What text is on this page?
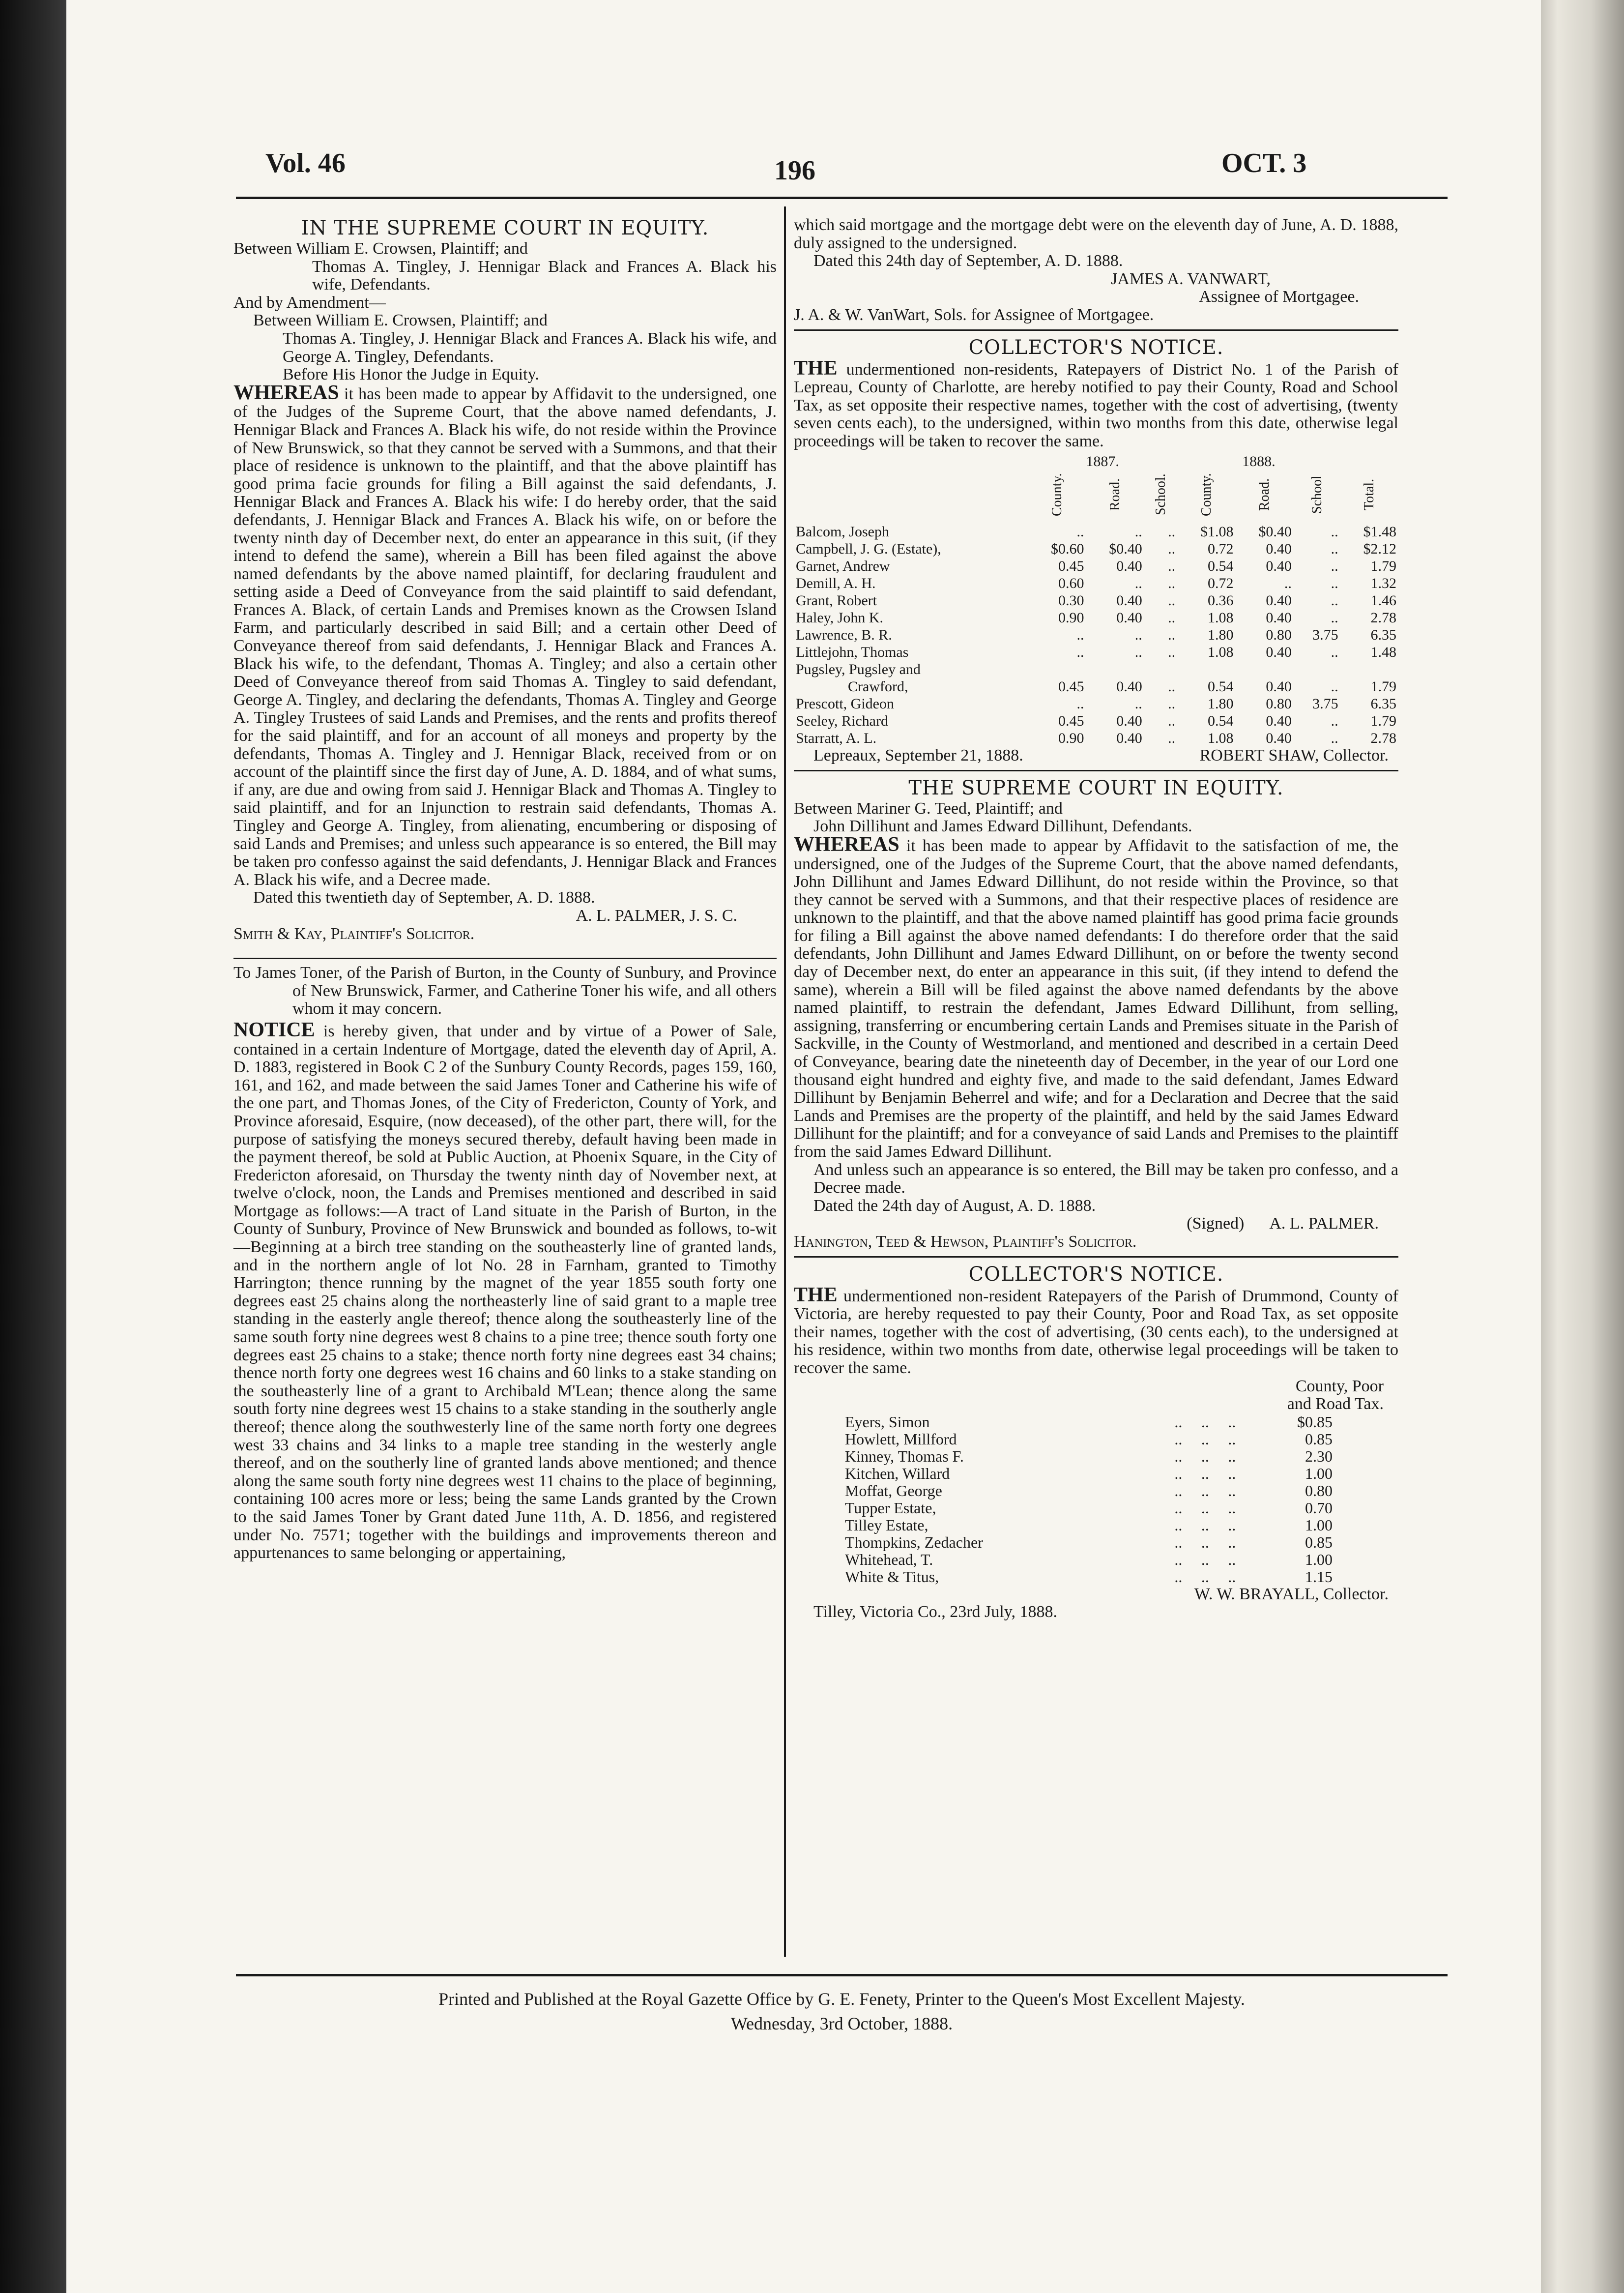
Vol. 46	196	OCT. 3
IN THE SUPREME COURT IN EQUITY.

Between William E. Crowsen, Plaintiff; and

Thomas A. Tingley, J. Hennigar Black and Frances A. Black his wife, Defendants.

And by Amendment—

Between William E. Crowsen, Plaintiff; and

Thomas A. Tingley, J. Hennigar Black and Frances A. Black his wife, and George A. Tingley, Defendants.

Before His Honor the Judge in Equity.

WHEREAS it has been made to appear by Affidavit to the undersigned, one of the Judges of the Supreme Court, that the above named defendants, J. Hennigar Black and Frances A. Black his wife, do not reside within the Province of New Brunswick, so that they cannot be served with a Summons, and that their place of residence is unknown to the plaintiff, and that the above plaintiff has good prima facie grounds for filing a Bill against the said defendants, J. Hennigar Black and Frances A. Black his wife: I do hereby order, that the said defendants, J. Hennigar Black and Frances A. Black his wife, on or before the twenty ninth day of December next, do enter an appearance in this suit, (if they intend to defend the same), wherein a Bill has been filed against the above named defendants by the above named plaintiff, for declaring fraudulent and setting aside a Deed of Conveyance from the said plaintiff to said defendant, Frances A. Black, of certain Lands and Premises known as the Crowsen Island Farm, and particularly described in said Bill; and a certain other Deed of Conveyance thereof from said defendants, J. Hennigar Black and Frances A. Black his wife, to the defendant, Thomas A. Tingley; and also a certain other Deed of Conveyance thereof from said Thomas A. Tingley to said defendant, George A. Tingley, and declaring the defendants, Thomas A. Tingley and George A. Tingley Trustees of said Lands and Premises, and the rents and profits thereof for the said plaintiff, and for an account of all moneys and property by the defendants, Thomas A. Tingley and J. Hennigar Black, received from or on account of the plaintiff since the first day of June, A. D. 1884, and of what sums, if any, are due and owing from said J. Hennigar Black and Thomas A. Tingley to said plaintiff, and for an Injunction to restrain said defendants, Thomas A. Tingley and George A. Tingley, from alienating, encumbering or disposing of said Lands and Premises; and unless such appearance is so entered, the Bill may be taken pro confesso against the said defendants, J. Hennigar Black and Frances A. Black his wife, and a Decree made.

Dated this twentieth day of September, A. D. 1888.

A. L. PALMER, J. S. C.

Smith & Kay, Plaintiff's Solicitor.

To James Toner, of the Parish of Burton, in the County of Sunbury, and Province of New Brunswick, Farmer, and Catherine Toner his wife, and all others whom it may concern.

NOTICE is hereby given, that under and by virtue of a Power of Sale, contained in a certain Indenture of Mortgage, dated the eleventh day of April, A. D. 1883, registered in Book C 2 of the Sunbury County Records, pages 159, 160, 161, and 162, and made between the said James Toner and Catherine his wife of the one part, and Thomas Jones, of the City of Fredericton, County of York, and Province aforesaid, Esquire, (now deceased), of the other part, there will, for the purpose of satisfying the moneys secured thereby, default having been made in the payment thereof, be sold at Public Auction, at Phoenix Square, in the City of Fredericton aforesaid, on Thursday the twenty ninth day of November next, at twelve o'clock, noon, the Lands and Premises mentioned and described in said Mortgage as follows:—A tract of Land situate in the Parish of Burton, in the County of Sunbury, Province of New Brunswick and bounded as follows, to-wit—Beginning at a birch tree standing on the southeasterly line of granted lands, and in the northern angle of lot No. 28 in Farnham, granted to Timothy Harrington; thence running by the magnet of the year 1855 south forty one degrees east 25 chains along the northeasterly line of said grant to a maple tree standing in the easterly angle thereof; thence along the southeasterly line of the same south forty nine degrees west 8 chains to a pine tree; thence south forty one degrees east 25 chains to a stake; thence north forty nine degrees east 34 chains; thence north forty one degrees west 16 chains and 60 links to a stake standing on the southeasterly line of a grant to Archibald M'Lean; thence along the same south forty nine degrees west 15 chains to a stake standing in the southerly angle thereof; thence along the southwesterly line of the same north forty one degrees west 33 chains and 34 links to a maple tree standing in the westerly angle thereof, and on the southerly line of granted lands above mentioned; and thence along the same south forty nine degrees west 11 chains to the place of beginning, containing 100 acres more or less; being the same Lands granted by the Crown to the said James Toner by Grant dated June 11th, A. D. 1856, and registered under No. 7571; together with the buildings and improvements thereon and appurtenances to same belonging or appertaining,

which said mortgage and the mortgage debt were on the eleventh day of June, A. D. 1888, duly assigned to the undersigned.

Dated this 24th day of September, A. D. 1888.

JAMES A. VANWART,

Assignee of Mortgagee.

J. A. & W. VanWart, Sols. for Assignee of Mortgagee.

COLLECTOR'S NOTICE.

THE undermentioned non-residents, Ratepayers of District No. 1 of the Parish of Lepreau, County of Charlotte, are hereby notified to pay their County, Road and School Tax, as set opposite their respective names, together with the cost of advertising, (twenty seven cents each), to the undersigned, within two months from this date, otherwise legal proceedings will be taken to recover the same.

	1887.			1888.			
	County.	Road.	School.	County.	Road.	School	Total.
Balcom, Joseph	..	..	..	$1.08	$0.40	..	$1.48
Campbell, J. G. (Estate),	$0.60	$0.40	..	0.72	0.40	..	$2.12
Garnet, Andrew	0.45	0.40	..	0.54	0.40	..	1.79
Demill, A. H.	0.60	..	..	0.72	..	..	1.32
Grant, Robert	0.30	0.40	..	0.36	0.40	..	1.46
Haley, John K.	0.90	0.40	..	1.08	0.40	..	2.78
Lawrence, B. R.	..	..	..	1.80	0.80	3.75	6.35
Littlejohn, Thomas	..	..	..	1.08	0.40	..	1.48
Pugsley, Pugsley and							
Crawford,	0.45	0.40	..	0.54	0.40	..	1.79
Prescott, Gideon	..	..	..	1.80	0.80	3.75	6.35
Seeley, Richard	0.45	0.40	..	0.54	0.40	..	1.79
Starratt, A. L.	0.90	0.40	..	1.08	0.40	..	2.78

ROBERT SHAW, Collector.

Lepreaux, September 21, 1888.

THE SUPREME COURT IN EQUITY.

Between Mariner G. Teed, Plaintiff; and

John Dillihunt and James Edward Dillihunt, Defendants.

WHEREAS it has been made to appear by Affidavit to the satisfaction of me, the undersigned, one of the Judges of the Supreme Court, that the above named defendants, John Dillihunt and James Edward Dillihunt, do not reside within the Province, so that they cannot be served with a Summons, and that their respective places of residence are unknown to the plaintiff, and that the above named plaintiff has good prima facie grounds for filing a Bill against the above named defendants: I do therefore order that the said defendants, John Dillihunt and James Edward Dillihunt, on or before the twenty second day of December next, do enter an appearance in this suit, (if they intend to defend the same), wherein a Bill will be filed against the above named defendants by the above named plaintiff, to restrain the defendant, James Edward Dillihunt, from selling, assigning, transferring or encumbering certain Lands and Premises situate in the Parish of Sackville, in the County of Westmorland, and mentioned and described in a certain Deed of Conveyance, bearing date the nineteenth day of December, in the year of our Lord one thousand eight hundred and eighty five, and made to the said defendant, James Edward Dillihunt by Benjamin Beherrel and wife; and for a Declaration and Decree that the said Lands and Premises are the property of the plaintiff, and held by the said James Edward Dillihunt for the plaintiff; and for a conveyance of said Lands and Premises to the plaintiff from the said James Edward Dillihunt.

And unless such an appearance is so entered, the Bill may be taken pro confesso, and a Decree made.

Dated the 24th day of August, A. D. 1888.

(Signed) A. L. PALMER.

Hanington, Teed & Hewson, Plaintiff's Solicitor.

COLLECTOR'S NOTICE.

THE undermentioned non-resident Ratepayers of the Parish of Drummond, County of Victoria, are hereby requested to pay their County, Poor and Road Tax, as set opposite their names, together with the cost of advertising, (30 cents each), to the undersigned at his residence, within two months from date, otherwise legal proceedings will be taken to recover the same.

County, Poor

and Road Tax.

Eyers, Simon	..	..	..	$0.85
Howlett, Millford	..	..	..	0.85
Kinney, Thomas F.	..	..	..	2.30
Kitchen, Willard	..	..	..	1.00
Moffat, George	..	..	..	0.80
Tupper Estate,	..	..	..	0.70
Tilley Estate,	..	..	..	1.00
Thompkins, Zedacher	..	..	..	0.85
Whitehead, T.	..	..	..	1.00
White & Titus,	..	..	..	1.15

W. W. BRAYALL, Collector.

Tilley, Victoria Co., 23rd July, 1888.

Printed and Published at the Royal Gazette Office by G. E. Fenety, Printer to the Queen's Most Excellent Majesty.
Wednesday, 3rd October, 1888.
